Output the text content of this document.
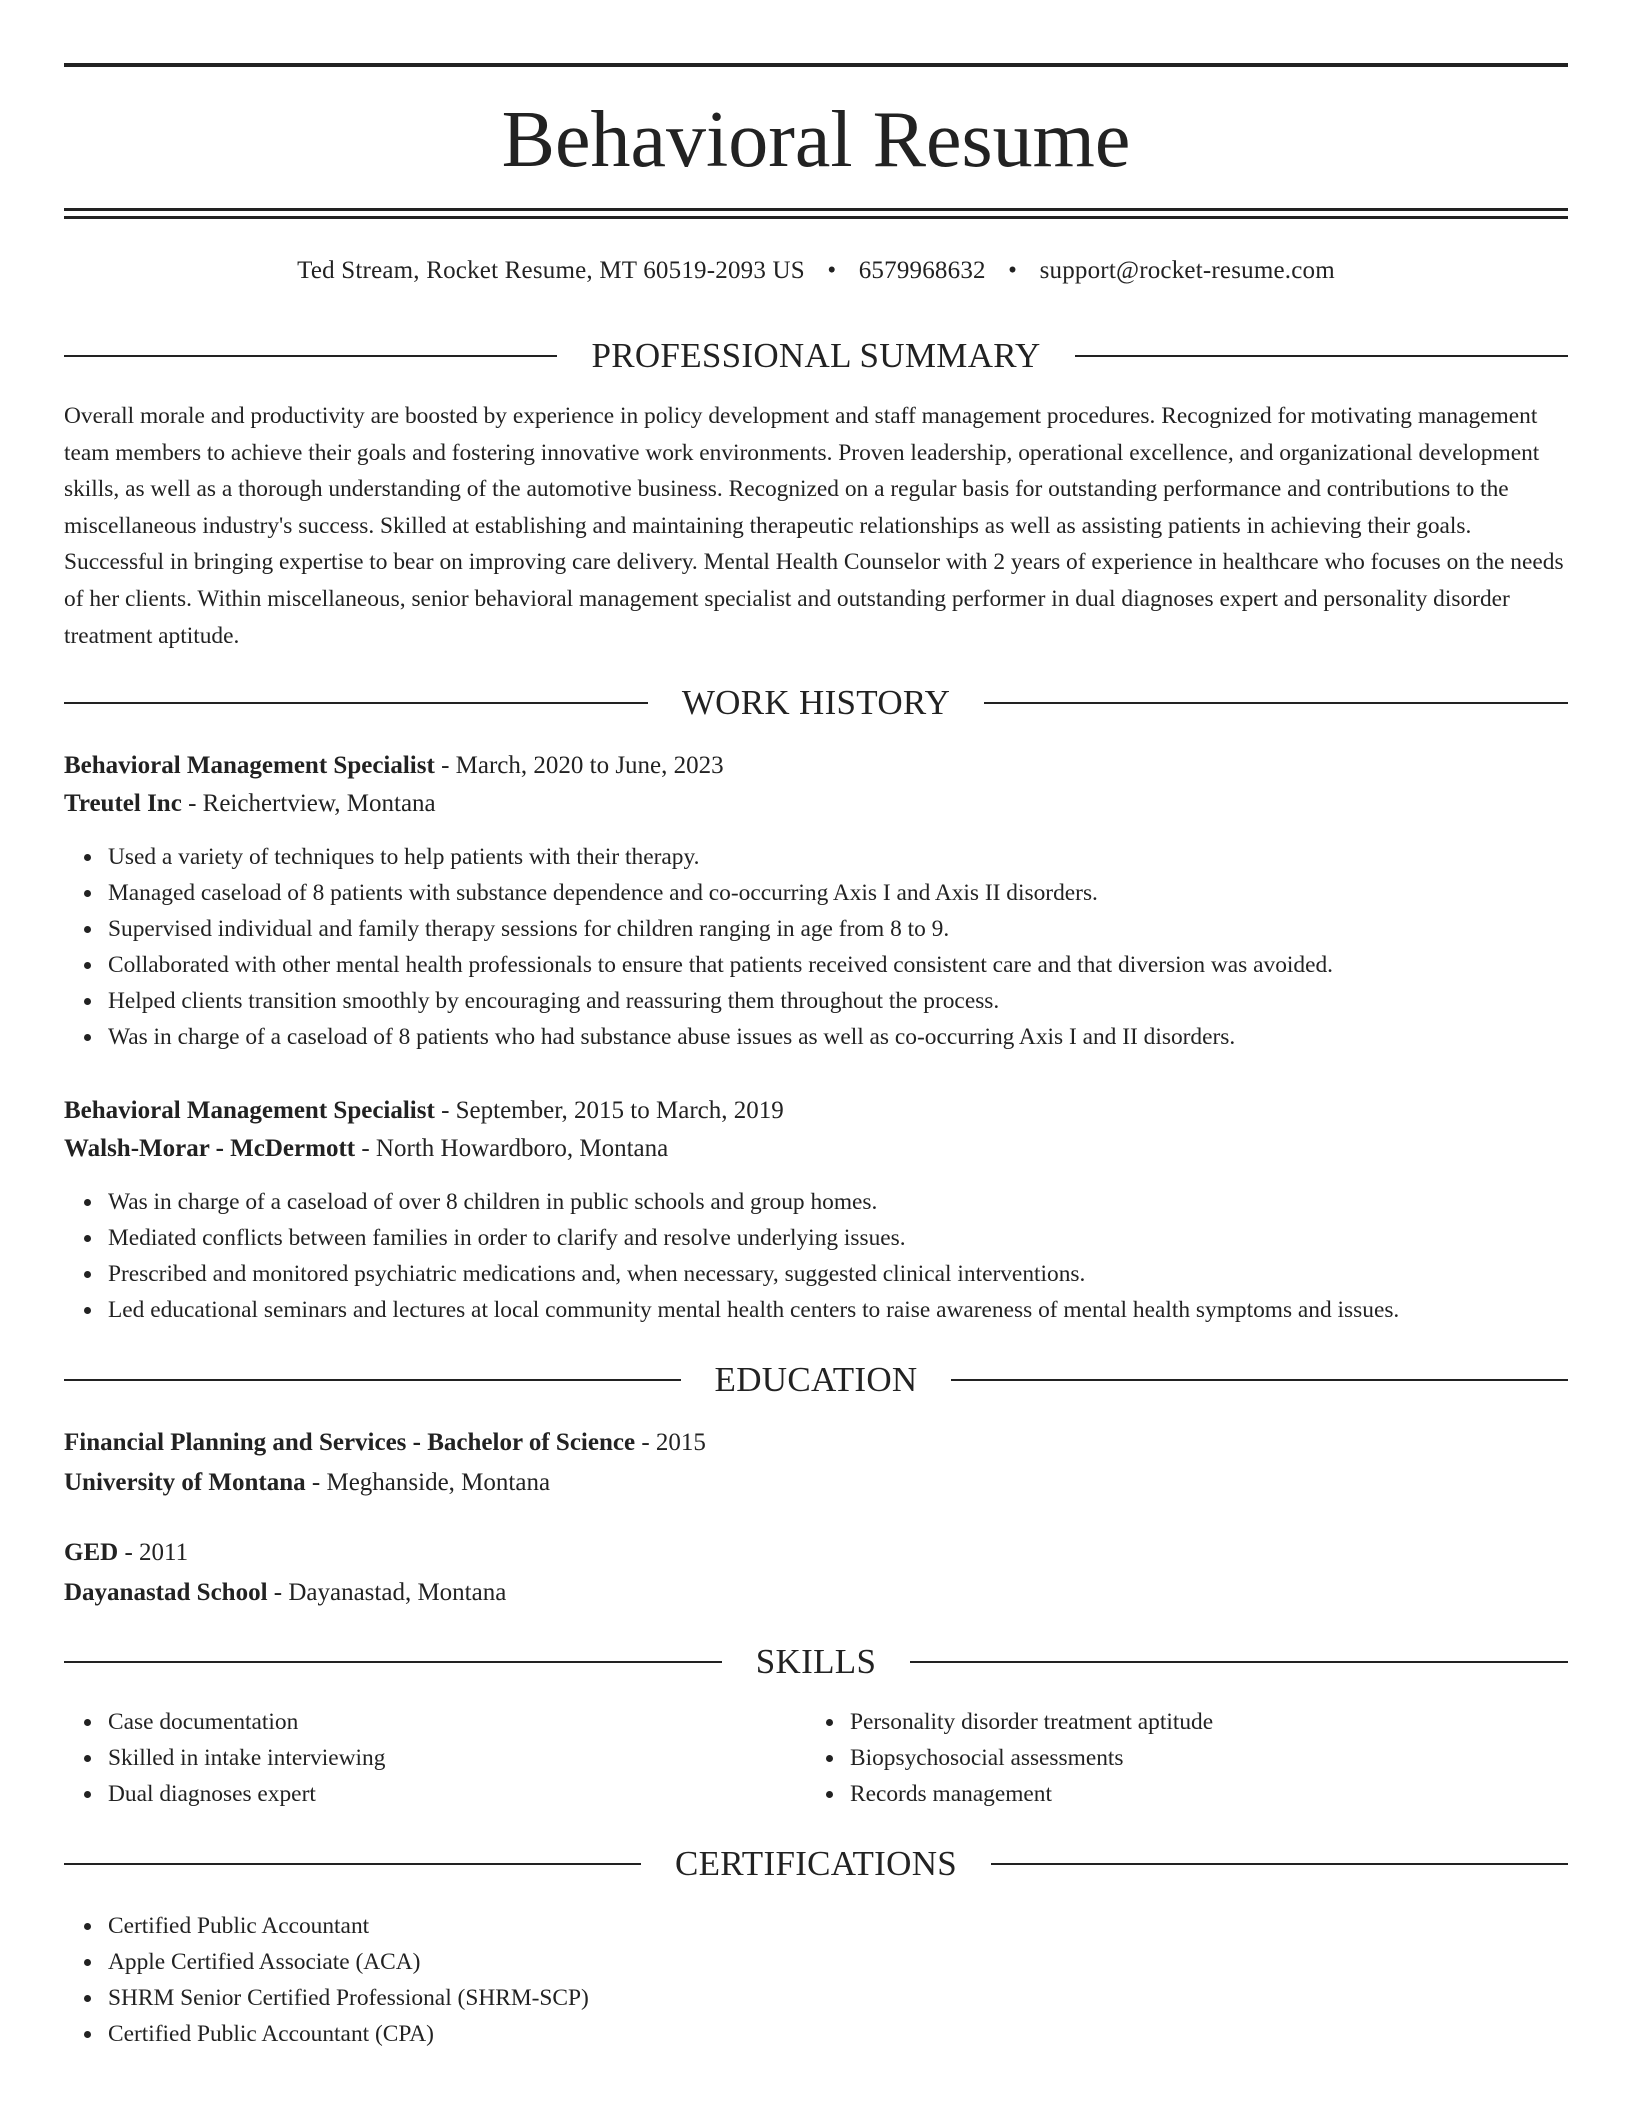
Behavioral Resume
Ted Stream, Rocket Resume, MT 60519-2093 US • 6579968632 • support@rocket-resume.com
PROFESSIONAL SUMMARY

Overall morale and productivity are boosted by experience in policy development and staff management procedures. Recognized for motivating management team members to achieve their goals and fostering innovative work environments. Proven leadership, operational excellence, and organizational development skills, as well as a thorough understanding of the automotive business. Recognized on a regular basis for outstanding performance and contributions to the miscellaneous industry's success. Skilled at establishing and maintaining therapeutic relationships as well as assisting patients in achieving their goals. Successful in bringing expertise to bear on improving care delivery. Mental Health Counselor with 2 years of experience in healthcare who focuses on the needs of her clients. Within miscellaneous, senior behavioral management specialist and outstanding performer in dual diagnoses expert and personality disorder treatment aptitude.

WORK HISTORY
Behavioral Management Specialist - March, 2020 to June, 2023
Treutel Inc - Reichertview, Montana
Used a variety of techniques to help patients with their therapy.
Managed caseload of 8 patients with substance dependence and co-occurring Axis I and Axis II disorders.
Supervised individual and family therapy sessions for children ranging in age from 8 to 9.
Collaborated with other mental health professionals to ensure that patients received consistent care and that diversion was avoided.
Helped clients transition smoothly by encouraging and reassuring them throughout the process.
Was in charge of a caseload of 8 patients who had substance abuse issues as well as co-occurring Axis I and II disorders.
Behavioral Management Specialist - September, 2015 to March, 2019
Walsh-Morar - McDermott - North Howardboro, Montana
Was in charge of a caseload of over 8 children in public schools and group homes.
Mediated conflicts between families in order to clarify and resolve underlying issues.
Prescribed and monitored psychiatric medications and, when necessary, suggested clinical interventions.
Led educational seminars and lectures at local community mental health centers to raise awareness of mental health symptoms and issues.
EDUCATION
Financial Planning and Services - Bachelor of Science - 2015
University of Montana - Meghanside, Montana
GED - 2011
Dayanastad School - Dayanastad, Montana
SKILLS
Case documentation
Skilled in intake interviewing
Dual diagnoses expert
Personality disorder treatment aptitude
Biopsychosocial assessments
Records management
CERTIFICATIONS
Certified Public Accountant
Apple Certified Associate (ACA)
SHRM Senior Certified Professional (SHRM-SCP)
Certified Public Accountant (CPA)
